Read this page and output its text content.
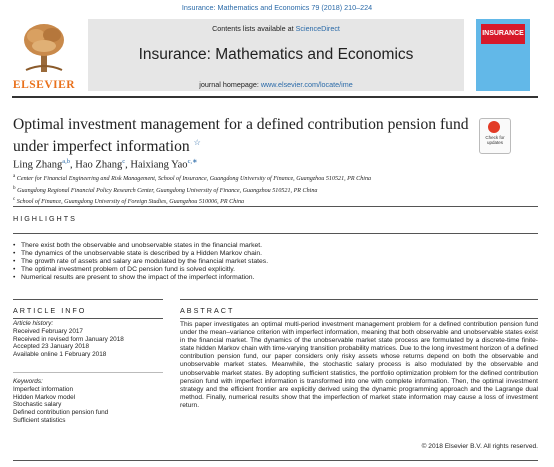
Insurance: Mathematics and Economics 79 (2018) 210–224
ELSEVIER
Contents lists available at ScienceDirect
Insurance: Mathematics and Economics
journal homepage: www.elsevier.com/locate/ime
INSURANCE
Optimal investment management for a defined contribution pension fund under imperfect information ☆
Check for
updates
Ling Zhang$^{a,b}$, Hao Zhang$^c$, Haixiang Yao$^{c,∗}$
$^a$ Center for Financial Engineering and Risk Management, School of Insurance, Guangdong University of Finance, Guangzhou 510521, PR China
$^b$ Guangdong Regional Financial Policy Research Center, Guangdong University of Finance, Guangzhou 510521, PR China
$^c$ School of Finance, Guangdong University of Foreign Studies, Guangzhou 510006, PR China
HIGHLIGHTS
• There exist both the observable and unobservable states in the financial market.
• The dynamics of the unobservable state is described by a Hidden Markov chain.
• The growth rate of assets and salary are modulated by the financial market states.
• The optimal investment problem of DC pension fund is solved explicitly.
• Numerical results are present to show the impact of the imperfect information.
ARTICLE INFO	ABSTRACT
Article history:
Received February 2017
Received in revised form January 2018
Accepted 23 January 2018
Available online 1 February 2018
Keywords:
Imperfect information
Hidden Markov model
Stochastic salary
Defined contribution pension fund
Sufficient statistics
This paper investigates an optimal multi-period investment management problem for a defined contribution pension fund under the mean–variance criterion with imperfect information, meaning that both observable and unobservable states exist in the financial market. The dynamics of the unobservable market state process are formulated by a discrete-time finite-state hidden Markov chain with time-varying transition probability matrices. Due to the long investment horizon of a defined contribution pension fund, our paper considers only risky assets whose returns depend on both the observable and unobservable market states. Meanwhile, the stochastic salary process is also modulated by the observable and unobservable market states. By adopting sufficient statistics, the portfolio optimization problem for the defined contribution pension fund with imperfect information is transformed into one with complete information. Then, the optimal investment strategy and the efficient frontier are explicitly derived using the dynamic programming approach and the Lagrange dual method. Finally, numerical results show that the imperfection of market state information may cause a loss of investment return.
© 2018 Elsevier B.V. All rights reserved.
